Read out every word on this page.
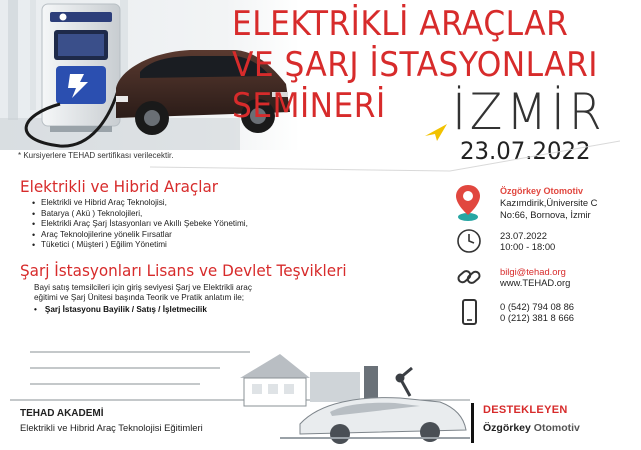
ELEKTRİKLİ ARAÇLAR
VE ŞARJ İSTASYONLARI
SEMİNERİ İZMİR
23.07.2022
* Kursiyerlere TEHAD sertifikası verilecektir.
Elektrikli ve Hibrid Araçlar
• Elektrikli ve Hibrid Araç Teknolojisi,
• Batarya ( Akü ) Teknolojileri,
• Elektrikli Araç Şarj İstasyonları ve Akıllı Şebeke Yönetimi,
• Araç Teknolojilerine yönelik Fırsatlar
• Tüketici ( Müşteri ) Eğilim Yönetimi
Şarj İstasyonları Lisans ve Devlet Teşvikleri
Bayi satış temsilcileri için giriş seviyesi Şarj ve Elektrikli araç
eğitimi ve Şarj Ünitesi başında Teorik ve Pratik anlatım ile;
• Şarj İstasyonu Bayilik / Satış / İşletmecilik
Özgörkey Otomotiv
Kazımdirik,Üniversite C
No:66, Bornova, İzmir
23.07.2022
10:00 - 18:00
bilgi@tehad.org
www.TEHAD.org
0 (542) 794 08 86
0 (212) 381 8 666
TEHAD AKADEMİ
Elektrikli ve Hibrid Araç Teknolojisi Eğitimleri
DESTEKLEYEN
Özgörkey Otomotiv
